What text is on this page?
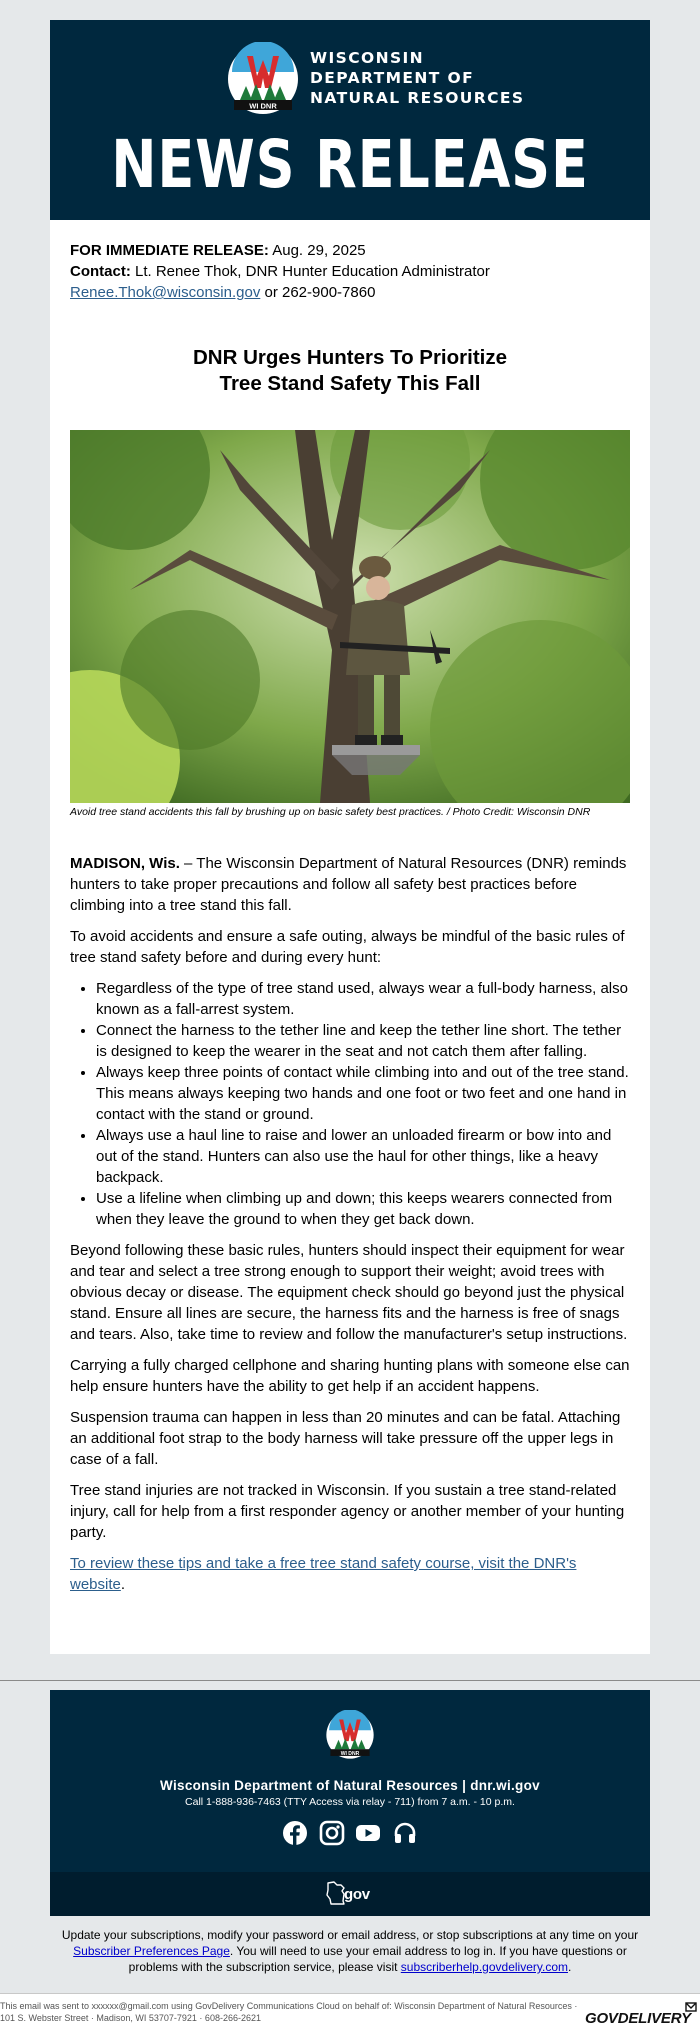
WI DNR
WISCONSIN
DEPARTMENT OF
NATURAL RESOURCES
NEWS RELEASE
FOR IMMEDIATE RELEASE: Aug. 29, 2025
Contact: Lt. Renee Thok, DNR Hunter Education Administrator
Renee.Thok@wisconsin.gov or 262-900-7860
DNR Urges Hunters To Prioritize
Tree Stand Safety This Fall
Avoid tree stand accidents this fall by brushing up on basic safety best practices. / Photo Credit: Wisconsin DNR

MADISON, Wis. – The Wisconsin Department of Natural Resources (DNR) reminds hunters to take proper precautions and follow all safety best practices before climbing into a tree stand this fall.

To avoid accidents and ensure a safe outing, always be mindful of the basic rules of tree stand safety before and during every hunt:

• Regardless of the type of tree stand used, always wear a full-body harness, also known as a fall-arrest system.
• Connect the harness to the tether line and keep the tether line short. The tether is designed to keep the wearer in the seat and not catch them after falling.
• Always keep three points of contact while climbing into and out of the tree stand. This means always keeping two hands and one foot or two feet and one hand in contact with the stand or ground.
• Always use a haul line to raise and lower an unloaded firearm or bow into and out of the stand. Hunters can also use the haul for other things, like a heavy backpack.
• Use a lifeline when climbing up and down; this keeps wearers connected from when they leave the ground to when they get back down.

Beyond following these basic rules, hunters should inspect their equipment for wear and tear and select a tree strong enough to support their weight; avoid trees with obvious decay or disease. The equipment check should go beyond just the physical stand. Ensure all lines are secure, the harness fits and the harness is free of snags and tears. Also, take time to review and follow the manufacturer's setup instructions.

Carrying a fully charged cellphone and sharing hunting plans with someone else can help ensure hunters have the ability to get help if an accident happens.

Suspension trauma can happen in less than 20 minutes and can be fatal. Attaching an additional foot strap to the body harness will take pressure off the upper legs in case of a fall.

Tree stand injuries are not tracked in Wisconsin. If you sustain a tree stand-related injury, call for help from a first responder agency or another member of your hunting party.

To review these tips and take a free tree stand safety course, visit the DNR's website.

WI DNR
Wisconsin Department of Natural Resources | dnr.wi.gov
Call 1-888-936-7463 (TTY Access via relay - 711) from 7 a.m. - 10 p.m.

gov
Update your subscriptions, modify your password or email address, or stop subscriptions at any time on your Subscriber Preferences Page. You will need to use your email address to log in. If you have questions or problems with the subscription service, please visit subscriberhelp.govdelivery.com.
This email was sent to xxxxxx@gmail.com using GovDelivery Communications Cloud on behalf of: Wisconsin Department of Natural Resources · 101 S. Webster Street · Madison, WI 53707-7921 · 608-266-2621	GOVDELIVERY
